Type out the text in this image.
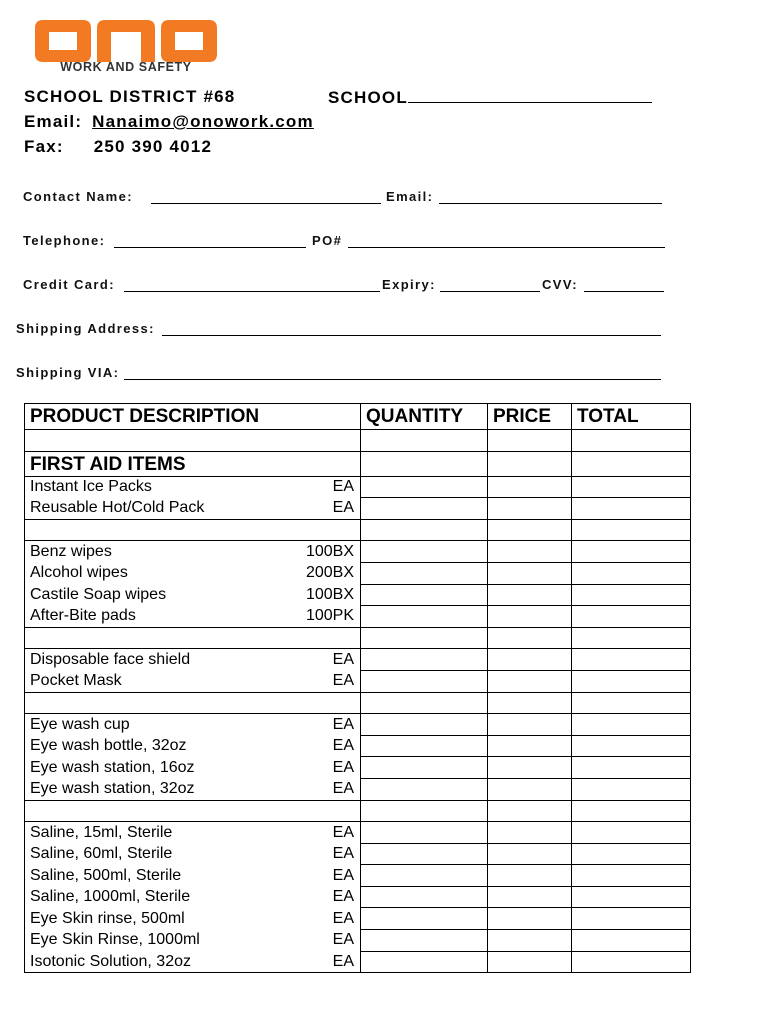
WORK AND SAFETY
SCHOOL DISTRICT #68	SCHOOL
Email: Nanaimo@onowork.com
Fax: 250 390 4012
Contact Name:	Email:
Telephone:	PO#
Credit Card:	Expiry:	CVV:
Shipping Address:
Shipping VIA:
PRODUCT DESCRIPTION		QUANTITY	PRICE	TOTAL

FIRST AID ITEMS				
Instant Ice Packs	EA			
Reusable Hot/Cold Pack	EA			

Benz wipes	100BX			
Alcohol wipes	200BX			
Castile Soap wipes	100BX			
After-Bite pads	100PK			

Disposable face shield	EA			
Pocket Mask	EA			

Eye wash cup	EA			
Eye wash bottle, 32oz	EA			
Eye wash station, 16oz	EA			
Eye wash station, 32oz	EA			

Saline, 15ml, Sterile	EA			
Saline, 60ml, Sterile	EA			
Saline, 500ml, Sterile	EA			
Saline, 1000ml, Sterile	EA			
Eye Skin rinse, 500ml	EA			
Eye Skin Rinse, 1000ml	EA			
Isotonic Solution, 32oz	EA			
